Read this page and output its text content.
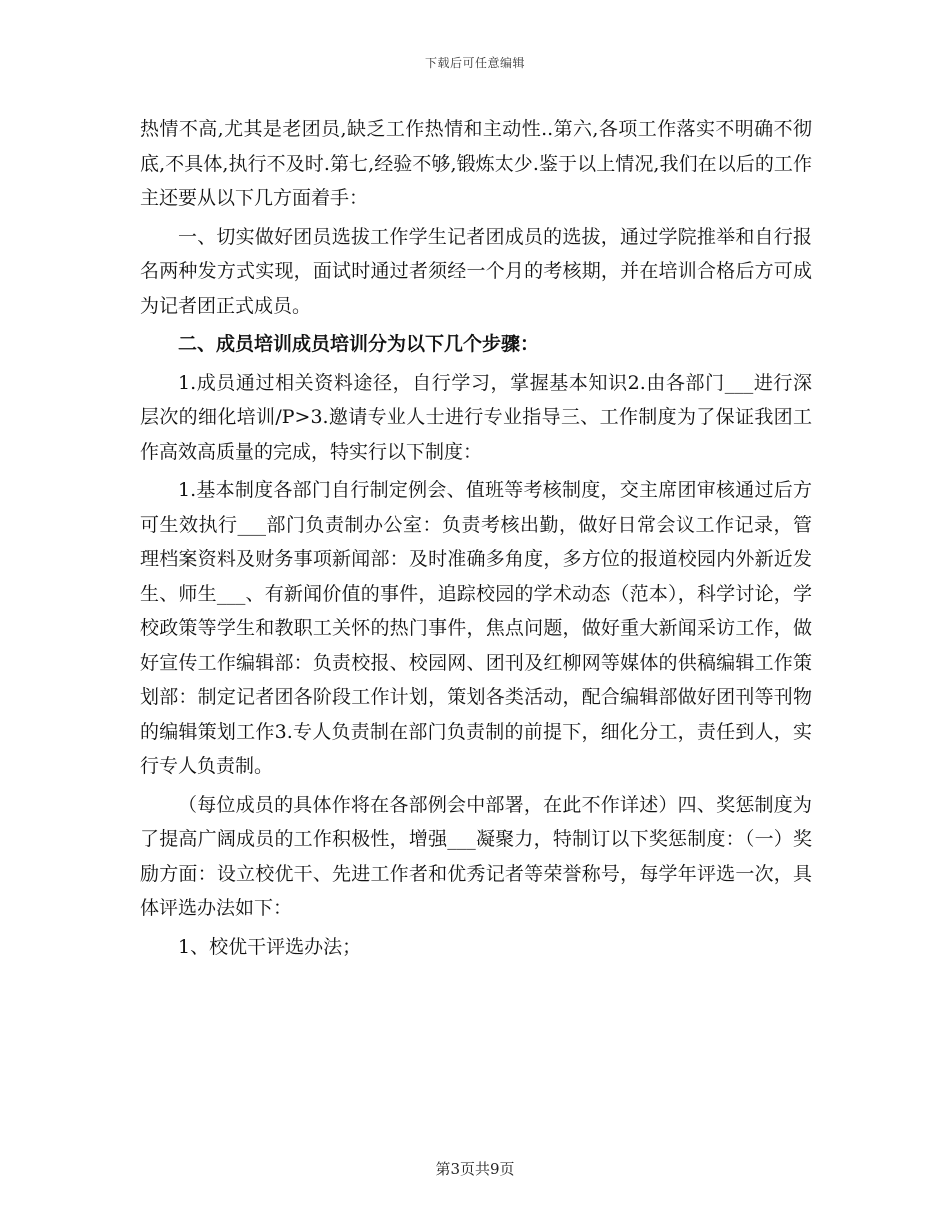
下载后可任意编辑

热情不高,尤其是老团员,缺乏工作热情和主动性..第六,各项工作落实不明确不彻底,不具体,执行不及时.第七,经验不够,锻炼太少.鉴于以上情况,我们在以后的工作主还要从以下几方面着手：

一、切实做好团员选拔工作学生记者团成员的选拔，通过学院推举和自行报名两种发方式实现，面试时通过者须经一个月的考核期，并在培训合格后方可成为记者团正式成员。

二、成员培训成员培训分为以下几个步骤：

1.成员通过相关资料途径，自行学习，掌握基本知识2.由各部门___进行深层次的细化培训/P>3.邀请专业人士进行专业指导三、工作制度为了保证我团工作高效高质量的完成，特实行以下制度：

1.基本制度各部门自行制定例会、值班等考核制度，交主席团审核通过后方可生效执行___部门负责制办公室：负责考核出勤，做好日常会议工作记录，管理档案资料及财务事项新闻部：及时准确多角度，多方位的报道校园内外新近发生、师生___、有新闻价值的事件，追踪校园的学术动态（范本），科学讨论，学校政策等学生和教职工关怀的热门事件，焦点问题，做好重大新闻采访工作，做好宣传工作编辑部：负责校报、校园网、团刊及红柳网等媒体的供稿编辑工作策划部：制定记者团各阶段工作计划，策划各类活动，配合编辑部做好团刊等刊物的编辑策划工作3.专人负责制在部门负责制的前提下，细化分工，责任到人，实行专人负责制。

（每位成员的具体作将在各部例会中部署，在此不作详述）四、奖惩制度为了提高广阔成员的工作积极性，增强___凝聚力，特制订以下奖惩制度：（一）奖励方面：设立校优干、先进工作者和优秀记者等荣誉称号，每学年评选一次，具体评选办法如下：

1、校优干评选办法；

第3页共9页
